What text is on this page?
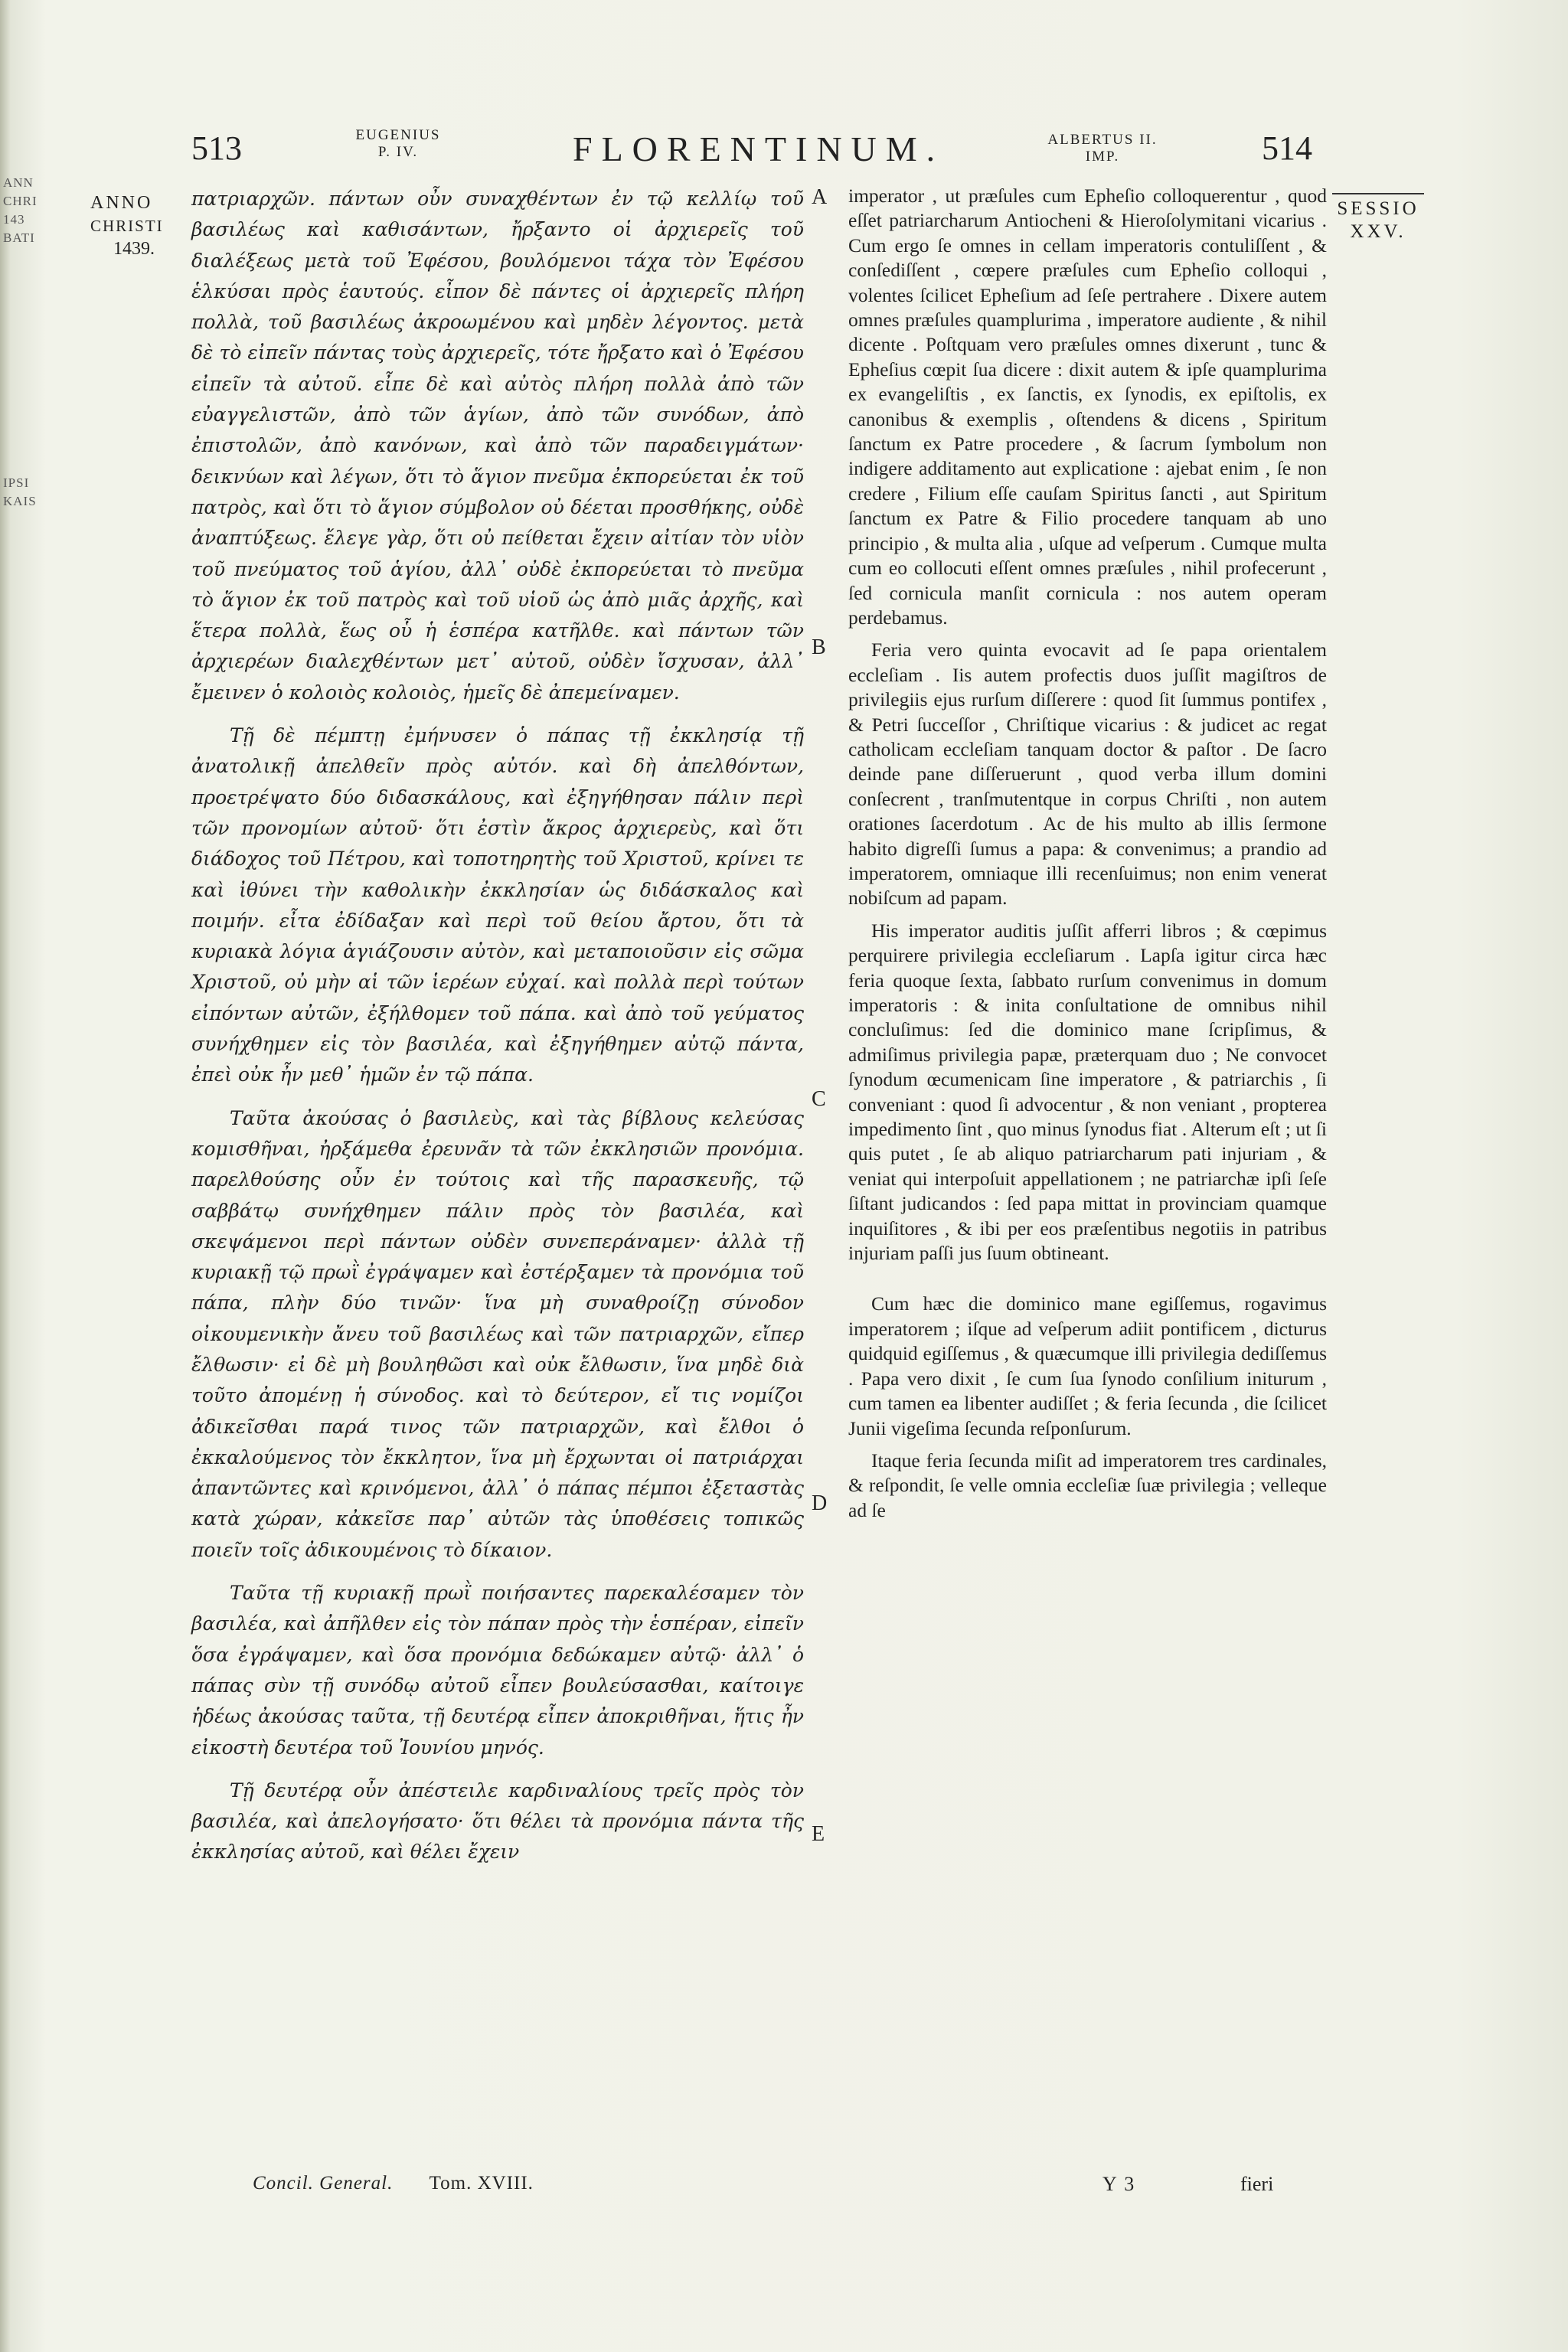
ANN
CHRI
143
BATI
IPSI
KAIS
513	EUGENIUS
P. IV.	FLORENTINUM.	ALBERTUS II.
IMP.	514
ANNO
CHRISTI
1439.
SESSIO
XXV.

πατριαρχῶν. πάντων οὖν συναχθέντων ἐν τῷ κελλίῳ τοῦ βασιλέως καὶ καθισάντων, ἤρξαντο οἱ ἀρχιερεῖς τοῦ διαλέξεως μετὰ τοῦ Ἐφέσου, βουλόμενοι τάχα τὸν Ἐφέσου ἑλκύσαι πρὸς ἑαυτούς. εἶπον δὲ πάντες οἱ ἀρχιερεῖς πλήρη πολλὰ, τοῦ βασιλέως ἀκροωμένου καὶ μηδὲν λέγοντος. μετὰ δὲ τὸ εἰπεῖν πάντας τοὺς ἀρχιερεῖς, τότε ἤρξατο καὶ ὁ Ἐφέσου εἰπεῖν τὰ αὐτοῦ. εἶπε δὲ καὶ αὐτὸς πλήρη πολλὰ ἀπὸ τῶν εὐαγγελιστῶν, ἀπὸ τῶν ἁγίων, ἀπὸ τῶν συνόδων, ἀπὸ ἐπιστολῶν, ἀπὸ κανόνων, καὶ ἀπὸ τῶν παραδειγμάτων· δεικνύων καὶ λέγων, ὅτι τὸ ἅγιον πνεῦμα ἐκπορεύεται ἐκ τοῦ πατρὸς, καὶ ὅτι τὸ ἅγιον σύμβολον οὐ δέεται προσθήκης, οὐδὲ ἀναπτύξεως. ἔλεγε γὰρ, ὅτι οὐ πείθεται ἔχειν αἰτίαν τὸν υἱὸν τοῦ πνεύματος τοῦ ἁγίου, ἀλλ᾽ οὐδὲ ἐκπορεύεται τὸ πνεῦμα τὸ ἅγιον ἐκ τοῦ πατρὸς καὶ τοῦ υἱοῦ ὡς ἀπὸ μιᾶς ἀρχῆς, καὶ ἕτερα πολλὰ, ἕως οὗ ἡ ἑσπέρα κατῆλθε. καὶ πάντων τῶν ἀρχιερέων διαλεχθέντων μετ᾽ αὐτοῦ, οὐδὲν ἴσχυσαν, ἀλλ᾽ ἔμεινεν ὁ κολοιὸς κολοιὸς, ἡμεῖς δὲ ἀπεμείναμεν.

Τῇ δὲ πέμπτῃ ἐμήνυσεν ὁ πάπας τῇ ἐκκλησίᾳ τῇ ἀνατολικῇ ἀπελθεῖν πρὸς αὐτόν. καὶ δὴ ἀπελθόντων, προετρέψατο δύο διδασκάλους, καὶ ἐξηγήθησαν πάλιν περὶ τῶν προνομίων αὐτοῦ· ὅτι ἐστὶν ἄκρος ἀρχιερεὺς, καὶ ὅτι διάδοχος τοῦ Πέτρου, καὶ τοποτηρητὴς τοῦ Χριστοῦ, κρίνει τε καὶ ἰθύνει τὴν καθολικὴν ἐκκλησίαν ὡς διδάσκαλος καὶ ποιμήν. εἶτα ἐδίδαξαν καὶ περὶ τοῦ θείου ἄρτου, ὅτι τὰ κυριακὰ λόγια ἁγιάζουσιν αὐτὸν, καὶ μεταποιοῦσιν εἰς σῶμα Χριστοῦ, οὐ μὴν αἱ τῶν ἱερέων εὐχαί. καὶ πολλὰ περὶ τούτων εἰπόντων αὐτῶν, ἐξήλθομεν τοῦ πάπα. καὶ ἀπὸ τοῦ γεύματος συνήχθημεν εἰς τὸν βασιλέα, καὶ ἐξηγήθημεν αὐτῷ πάντα, ἐπεὶ οὐκ ἦν μεθ᾽ ἡμῶν ἐν τῷ πάπα.

Ταῦτα ἀκούσας ὁ βασιλεὺς, καὶ τὰς βίβλους κελεύσας κομισθῆναι, ἠρξάμεθα ἐρευνᾶν τὰ τῶν ἐκκλησιῶν προνόμια. παρελθούσης οὖν ἐν τούτοις καὶ τῆς παρασκευῆς, τῷ σαββάτῳ συνήχθημεν πάλιν πρὸς τὸν βασιλέα, καὶ σκεψάμενοι περὶ πάντων οὐδὲν συνεπεράναμεν· ἀλλὰ τῇ κυριακῇ τῷ πρωῒ ἐγράψαμεν καὶ ἐστέρξαμεν τὰ προνόμια τοῦ πάπα, πλὴν δύο τινῶν· ἵνα μὴ συναθροίζῃ σύνοδον οἰκουμενικὴν ἄνευ τοῦ βασιλέως καὶ τῶν πατριαρχῶν, εἴπερ ἔλθωσιν· εἰ δὲ μὴ βουληθῶσι καὶ οὐκ ἔλθωσιν, ἵνα μηδὲ διὰ τοῦτο ἀπομένῃ ἡ σύνοδος. καὶ τὸ δεύτερον, εἴ τις νομίζοι ἀδικεῖσθαι παρά τινος τῶν πατριαρχῶν, καὶ ἔλθοι ὁ ἐκκαλούμενος τὸν ἔκκλητον, ἵνα μὴ ἔρχωνται οἱ πατριάρχαι ἀπαντῶντες καὶ κρινόμενοι, ἀλλ᾽ ὁ πάπας πέμποι ἐξεταστὰς κατὰ χώραν, κἀκεῖσε παρ᾽ αὐτῶν τὰς ὑποθέσεις τοπικῶς ποιεῖν τοῖς ἀδικουμένοις τὸ δίκαιον.

Ταῦτα τῇ κυριακῇ πρωῒ ποιήσαντες παρεκαλέσαμεν τὸν βασιλέα, καὶ ἀπῆλθεν εἰς τὸν πάπαν πρὸς τὴν ἑσπέραν, εἰπεῖν ὅσα ἐγράψαμεν, καὶ ὅσα προνόμια δεδώκαμεν αὐτῷ· ἀλλ᾽ ὁ πάπας σὺν τῇ συνόδῳ αὐτοῦ εἶπεν βουλεύσασθαι, καίτοιγε ἡδέως ἀκούσας ταῦτα, τῇ δευτέρᾳ εἶπεν ἀποκριθῆναι, ἥτις ἦν εἰκοστὴ δευτέρα τοῦ Ἰουνίου μηνός.

Τῇ δευτέρᾳ οὖν ἀπέστειλε καρδιναλίους τρεῖς πρὸς τὸν βασιλέα, καὶ ἀπελογήσατο· ὅτι θέλει τὰ προνόμια πάντα τῆς ἐκκλησίας αὐτοῦ, καὶ θέλει ἔχειν

A
B
C
D
E

imperator , ut præſules cum Epheſio colloquerentur , quod eſſet patriarcharum Antiocheni & Hieroſolymitani vicarius . Cum ergo ſe omnes in cellam imperatoris contuliſſent , & conſediſſent , cœpere præſules cum Epheſio colloqui , volentes ſcilicet Epheſium ad ſeſe pertrahere . Dixere autem omnes præſules quamplurima , imperatore audiente , & nihil dicente . Poſtquam vero præſules omnes dixerunt , tunc & Epheſius cœpit ſua dicere : dixit autem & ipſe quamplurima ex evangeliſtis , ex ſanctis, ex ſynodis, ex epiſtolis, ex canonibus & exemplis , oſtendens & dicens , Spiritum ſanctum ex Patre procedere , & ſacrum ſymbolum non indigere additamento aut explicatione : ajebat enim , ſe non credere , Filium eſſe cauſam Spiritus ſancti , aut Spiritum ſanctum ex Patre & Filio procedere tanquam ab uno principio , & multa alia , uſque ad veſperum . Cumque multa cum eo collocuti eſſent omnes præſules , nihil profecerunt , ſed cornicula manſit cornicula : nos autem operam perdebamus.

Feria vero quinta evocavit ad ſe papa orientalem eccleſiam . Iis autem profectis duos juſſit magiſtros de privilegiis ejus rurſum diſſerere : quod ſit ſummus pontifex , & Petri ſucceſſor , Chriſtique vicarius : & judicet ac regat catholicam eccleſiam tanquam doctor & paſtor . De ſacro deinde pane diſſeruerunt , quod verba illum domini conſecrent , tranſmutentque in corpus Chriſti , non autem orationes ſacerdotum . Ac de his multo ab illis ſermone habito digreſſi ſumus a papa: & convenimus; a prandio ad imperatorem, omniaque illi recenſuimus; non enim venerat nobiſcum ad papam.

His imperator auditis juſſit afferri libros ; & cœpimus perquirere privilegia eccleſiarum . Lapſa igitur circa hæc feria quoque ſexta, ſabbato rurſum convenimus in domum imperatoris : & inita conſultatione de omnibus nihil concluſimus: ſed die dominico mane ſcripſimus, & admiſimus privilegia papæ, præterquam duo ; Ne convocet ſynodum œcumenicam ſine imperatore , & patriarchis , ſi conveniant : quod ſi advocentur , & non veniant , propterea impedimento ſint , quo minus ſynodus fiat . Alterum eſt ; ut ſi quis putet , ſe ab aliquo patriarcharum pati injuriam , & veniat qui interpoſuit appellationem ; ne patriarchæ ipſi ſeſe ſiſtant judicandos : ſed papa mittat in provinciam quamque inquiſitores , & ibi per eos præſentibus negotiis in patribus injuriam paſſi jus ſuum obtineant.

Cum hæc die dominico mane egiſſemus, rogavimus imperatorem ; iſque ad veſperum adiit pontificem , dicturus quidquid egiſſemus , & quæcumque illi privilegia dediſſemus . Papa vero dixit , ſe cum ſua ſynodo conſilium initurum , cum tamen ea libenter audiſſet ; & feria ſecunda , die ſcilicet Junii vigeſima ſecunda reſponſurum.

Itaque feria ſecunda miſit ad imperatorem tres cardinales, & reſpondit, ſe velle omnia eccleſiæ ſuæ privilegia ; velleque ad ſe

Concil. General. Tom. XVIII.	Y 3	fieri
